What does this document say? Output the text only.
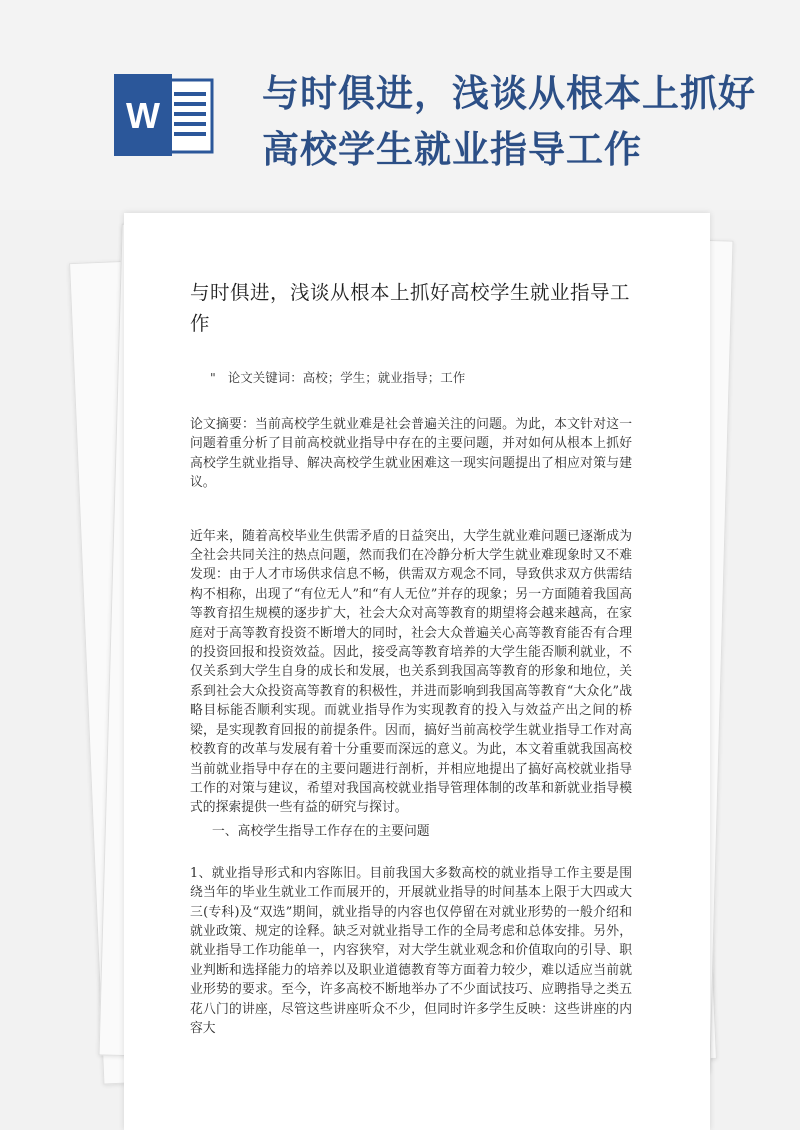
W
与时俱进，浅谈从根本上抓好
高校学生就业指导工作
与时俱进，浅谈从根本上抓好高校学生就业指导工作
" 论文关键词：高校；学生；就业指导；工作

论文摘要：当前高校学生就业难是社会普遍关注的问题。为此，本文针对这一问题着重分析了目前高校就业指导中存在的主要问题，并对如何从根本上抓好高校学生就业指导、解决高校学生就业困难这一现实问题提出了相应对策与建议。

近年来，随着高校毕业生供需矛盾的日益突出，大学生就业难问题已逐渐成为全社会共同关注的热点问题，然而我们在冷静分析大学生就业难现象时又不难发现：由于人才市场供求信息不畅，供需双方观念不同，导致供求双方供需结构不相称，出现了“有位无人”和“有人无位”并存的现象；另一方面随着我国高等教育招生规模的逐步扩大，社会大众对高等教育的期望将会越来越高，在家庭对于高等教育投资不断增大的同时，社会大众普遍关心高等教育能否有合理的投资回报和投资效益。因此，接受高等教育培养的大学生能否顺利就业，不仅关系到大学生自身的成长和发展，也关系到我国高等教育的形象和地位，关系到社会大众投资高等教育的积极性，并进而影响到我国高等教育“大众化”战略目标能否顺利实现。而就业指导作为实现教育的投入与效益产出之间的桥梁，是实现教育回报的前提条件。因而，搞好当前高校学生就业指导工作对高校教育的改革与发展有着十分重要而深远的意义。为此，本文着重就我国高校当前就业指导中存在的主要问题进行剖析，并相应地提出了搞好高校就业指导工作的对策与建议，希望对我国高校就业指导管理体制的改革和新就业指导模式的探索提供一些有益的研究与探讨。

一、高校学生指导工作存在的主要问题

1、就业指导形式和内容陈旧。目前我国大多数高校的就业指导工作主要是围绕当年的毕业生就业工作而展开的，开展就业指导的时间基本上限于大四或大三(专科)及“双选”期间，就业指导的内容也仅停留在对就业形势的一般介绍和就业政策、规定的诠释。缺乏对就业指导工作的全局考虑和总体安排。另外，就业指导工作功能单一，内容狭窄，对大学生就业观念和价值取向的引导、职业判断和选择能力的培养以及职业道德教育等方面着力较少，难以适应当前就业形势的要求。至今，许多高校不断地举办了不少面试技巧、应聘指导之类五花八门的讲座，尽管这些讲座听众不少，但同时许多学生反映：这些讲座的内容大
